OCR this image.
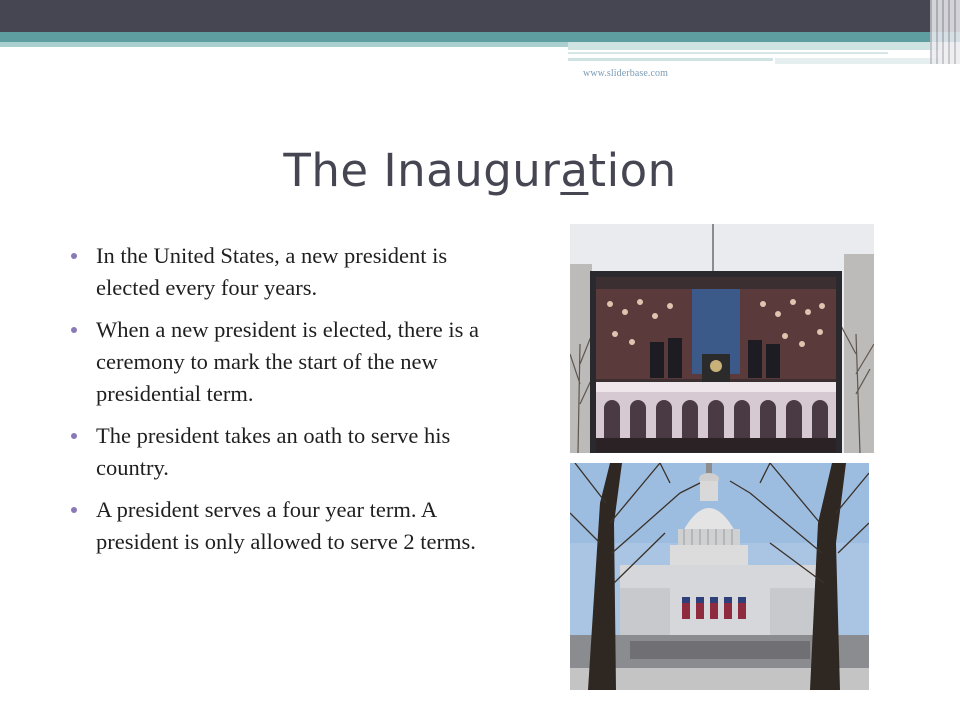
www.sliderbase.com
The Inauguration
In the United States, a new president is elected every four years.
When a new president is elected, there is a ceremony to mark the start of the new presidential term.
The president takes an oath to serve his country.
A president serves a four year term. A president is only allowed to serve 2 terms.
